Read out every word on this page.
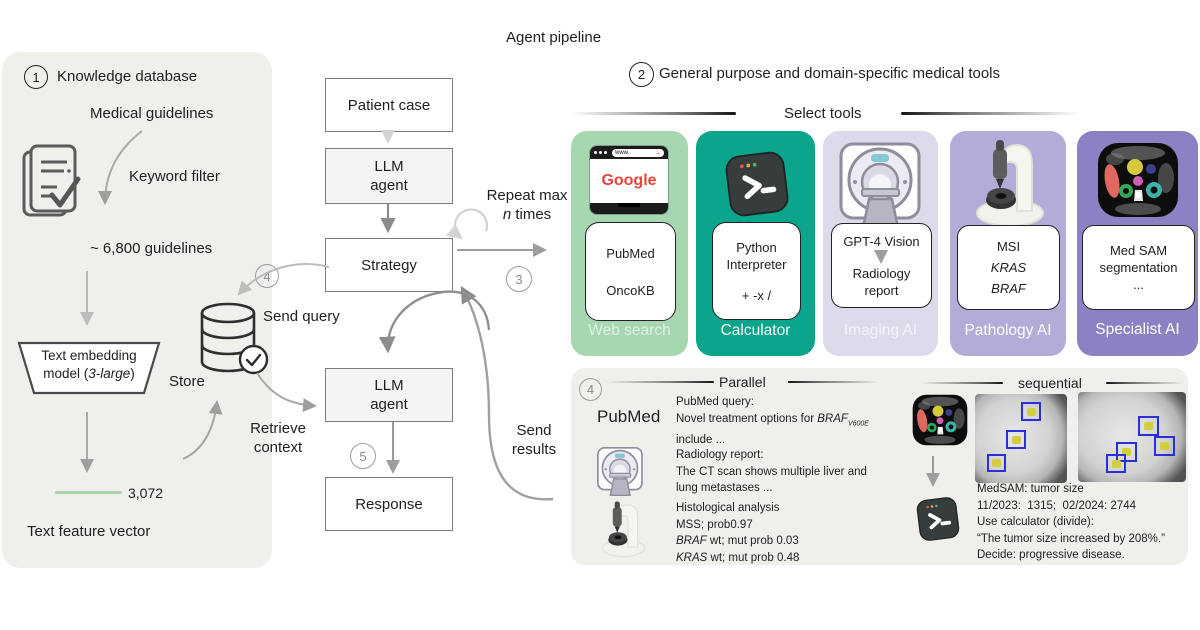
1 Knowledge database
Medical guidelines
Keyword filter
~ 6,800 guidelines
Text embedding
model (3-large)
3,072
Text feature vector
Store
Send query
4
Retrieve
context
Agent pipeline
Patient case
LLM
agent
Strategy
LLM
agent
Response
Repeat max
n times
3
5
Send
results
2 General purpose and domain-specific medical tools
Select tools
www.	→
Google
PubMed
OncoKB
Web search
Python
Interpreter
+ -x /
Calculator
GPT-4 Vision
Radiology
report
Imaging AI
MSI
KRAS
BRAF
Pathology AI
Med SAM
segmentation
...
Specialist AI
4	Parallel	sequential
PubMed
PubMed query:
Novel treatment options for $BRAF_{V600E}$
include ...
Radiology report:
The CT scan shows multiple liver and
lung metastases ...
Histological analysis
MSS; prob0.97
BRAF wt; mut prob 0.03
KRAS wt; mut prob 0.48
MedSAM: tumor size
11/2023:  1315;  02/2024: 2744
Use calculator (divide):
“The tumor size increased by 208%.”
Decide: progressive disease.
